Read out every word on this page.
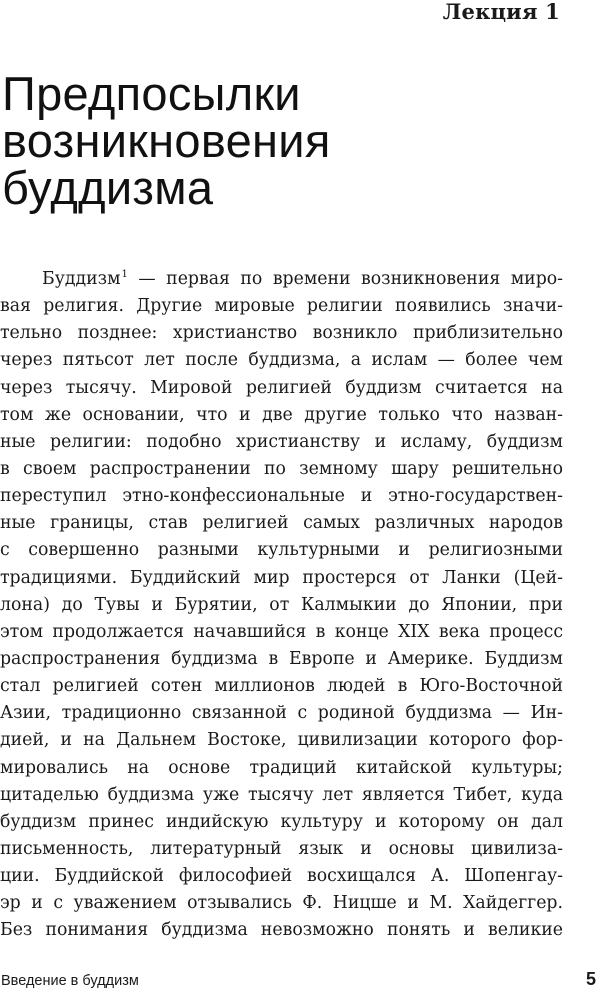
Лекция 1
Предпосылки
возникновения
буддизма
Буддизм$^1$ — первая по времени возникновения миро-
вая религия. Другие мировые религии появились значи-
тельно позднее: христианство возникло приблизительно
через пятьсот лет после буддизма, а ислам — более чем
через тысячу. Мировой религией буддизм считается на
том же основании, что и две другие только что назван-
ные религии: подобно христианству и исламу, буддизм
в своем распространении по земному шару решительно
переступил этно-конфессиональные и этно-государствен-
ные границы, став религией самых различных народов
с совершенно разными культурными и религиозными
традициями. Буддийский мир простерся от Ланки (Цей-
лона) до Тувы и Бурятии, от Калмыкии до Японии, при
этом продолжается начавшийся в конце XIX века процесс
распространения буддизма в Европе и Америке. Буддизм
стал религией сотен миллионов людей в Юго-Восточной
Азии, традиционно связанной с родиной буддизма — Ин-
дией, и на Дальнем Востоке, цивилизации которого фор-
мировались на основе традиций китайской культуры;
цитаделью буддизма уже тысячу лет является Тибет, куда
буддизм принес индийскую культуру и которому он дал
письменность, литературный язык и основы цивилиза-
ции. Буддийской философией восхищался А. Шопенгау-
эр и с уважением отзывались Ф. Ницше и М. Хайдеггер.
Без понимания буддизма невозможно понять и великие
Введение в буддизм	5
